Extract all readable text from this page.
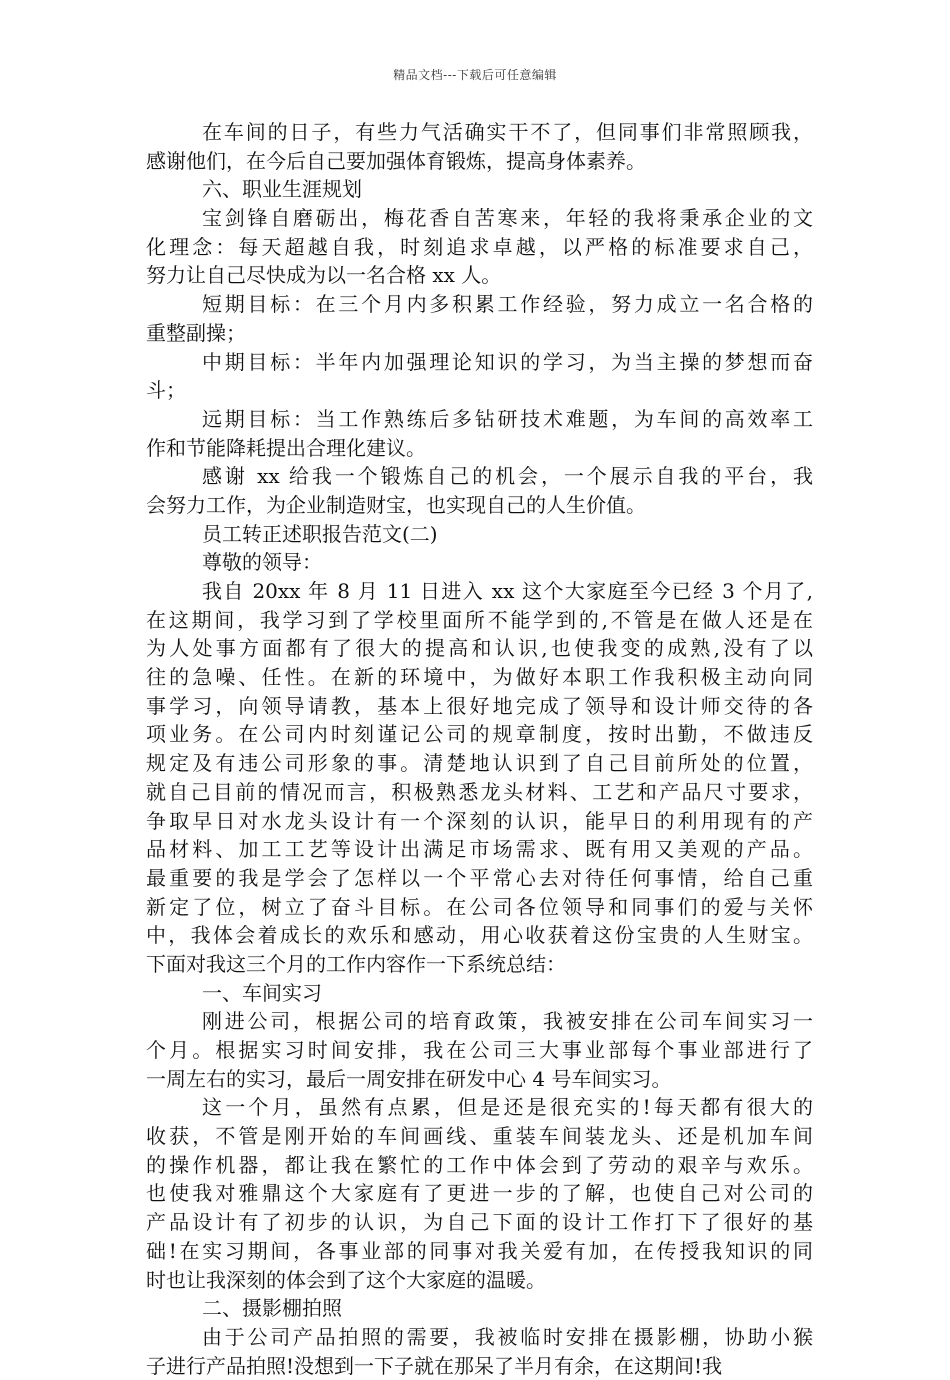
精品文档---下载后可任意编辑
在车间的日子，有些力气活确实干不了，但同事们非常照顾我，
感谢他们，在今后自己要加强体育锻炼，提高身体素养。
六、职业生涯规划
宝剑锋自磨砺出，梅花香自苦寒来，年轻的我将秉承企业的文
化理念：每天超越自我，时刻追求卓越，以严格的标准要求自己，
努力让自己尽快成为以一名合格 xx 人。
短期目标：在三个月内多积累工作经验，努力成立一名合格的
重整副操；
中期目标：半年内加强理论知识的学习，为当主操的梦想而奋
斗；
远期目标：当工作熟练后多钻研技术难题，为车间的高效率工
作和节能降耗提出合理化建议。
感谢 xx 给我一个锻炼自己的机会，一个展示自我的平台，我
会努力工作，为企业制造财宝，也实现自己的人生价值。
员工转正述职报告范文(二)
尊敬的领导：
我自 20xx 年 8 月 11 日进入 xx 这个大家庭至今已经 3 个月了,
在这期间，我学习到了学校里面所不能学到的,不管是在做人还是在
为人处事方面都有了很大的提高和认识,也使我变的成熟,没有了以
往的急噪、任性。在新的环境中，为做好本职工作我积极主动向同
事学习，向领导请教，基本上很好地完成了领导和设计师交待的各
项业务。在公司内时刻谨记公司的规章制度，按时出勤，不做违反
规定及有违公司形象的事。清楚地认识到了自己目前所处的位置，
就自己目前的情况而言，积极熟悉龙头材料、工艺和产品尺寸要求，
争取早日对水龙头设计有一个深刻的认识，能早日的利用现有的产
品材料、加工工艺等设计出满足市场需求、既有用又美观的产品。
最重要的我是学会了怎样以一个平常心去对待任何事情，给自己重
新定了位，树立了奋斗目标。在公司各位领导和同事们的爱与关怀
中，我体会着成长的欢乐和感动，用心收获着这份宝贵的人生财宝。
下面对我这三个月的工作内容作一下系统总结：
一、车间实习
刚进公司，根据公司的培育政策，我被安排在公司车间实习一
个月。根据实习时间安排，我在公司三大事业部每个事业部进行了
一周左右的实习，最后一周安排在研发中心 4 号车间实习。
这一个月，虽然有点累，但是还是很充实的!每天都有很大的
收获，不管是刚开始的车间画线、重装车间装龙头、还是机加车间
的操作机器，都让我在繁忙的工作中体会到了劳动的艰辛与欢乐。
也使我对雅鼎这个大家庭有了更进一步的了解，也使自己对公司的
产品设计有了初步的认识，为自己下面的设计工作打下了很好的基
础!在实习期间，各事业部的同事对我关爱有加，在传授我知识的同
时也让我深刻的体会到了这个大家庭的温暖。
二、摄影棚拍照
由于公司产品拍照的需要，我被临时安排在摄影棚，协助小猴
子进行产品拍照!没想到一下子就在那呆了半月有余，在这期间!我
